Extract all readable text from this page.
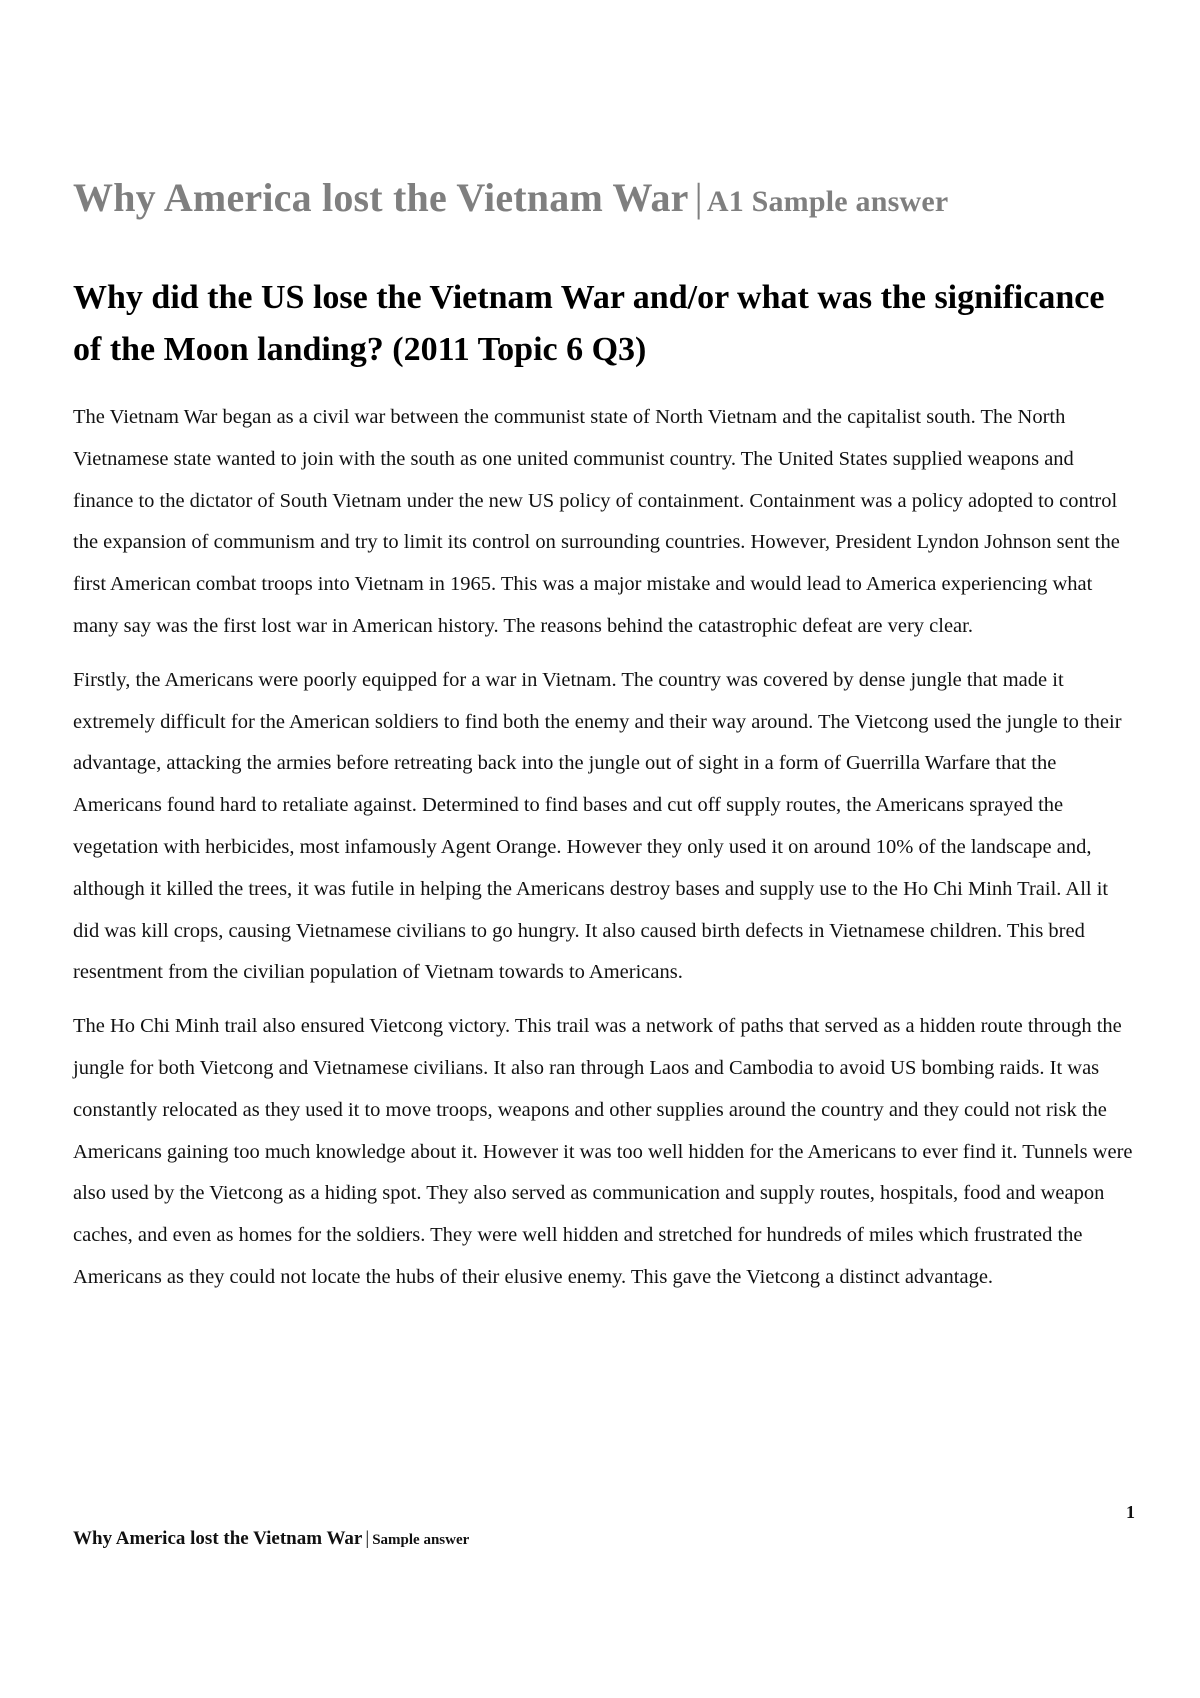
Why America lost the Vietnam War | A1 Sample answer
Why did the US lose the Vietnam War and/or what was the significance of the Moon landing? (2011 Topic 6 Q3)

The Vietnam War began as a civil war between the communist state of North Vietnam and the capitalist south. The North Vietnamese state wanted to join with the south as one united communist country. The United States supplied weapons and finance to the dictator of South Vietnam under the new US policy of containment. Containment was a policy adopted to control the expansion of communism and try to limit its control on surrounding countries. However, President Lyndon Johnson sent the first American combat troops into Vietnam in 1965. This was a major mistake and would lead to America experiencing what many say was the first lost war in American history. The reasons behind the catastrophic defeat are very clear.

Firstly, the Americans were poorly equipped for a war in Vietnam. The country was covered by dense jungle that made it extremely difficult for the American soldiers to find both the enemy and their way around. The Vietcong used the jungle to their advantage, attacking the armies before retreating back into the jungle out of sight in a form of Guerrilla Warfare that the Americans found hard to retaliate against. Determined to find bases and cut off supply routes, the Americans sprayed the vegetation with herbicides, most infamously Agent Orange. However they only used it on around 10% of the landscape and, although it killed the trees, it was futile in helping the Americans destroy bases and supply use to the Ho Chi Minh Trail. All it did was kill crops, causing Vietnamese civilians to go hungry. It also caused birth defects in Vietnamese children. This bred resentment from the civilian population of Vietnam towards to Americans.

The Ho Chi Minh trail also ensured Vietcong victory. This trail was a network of paths that served as a hidden route through the jungle for both Vietcong and Vietnamese civilians. It also ran through Laos and Cambodia to avoid US bombing raids. It was constantly relocated as they used it to move troops, weapons and other supplies around the country and they could not risk the Americans gaining too much knowledge about it. However it was too well hidden for the Americans to ever find it. Tunnels were also used by the Vietcong as a hiding spot. They also served as communication and supply routes, hospitals, food and weapon caches, and even as homes for the soldiers. They were well hidden and stretched for hundreds of miles which frustrated the Americans as they could not locate the hubs of their elusive enemy. This gave the Vietcong a distinct advantage.

1
Why America lost the Vietnam War | Sample answer
